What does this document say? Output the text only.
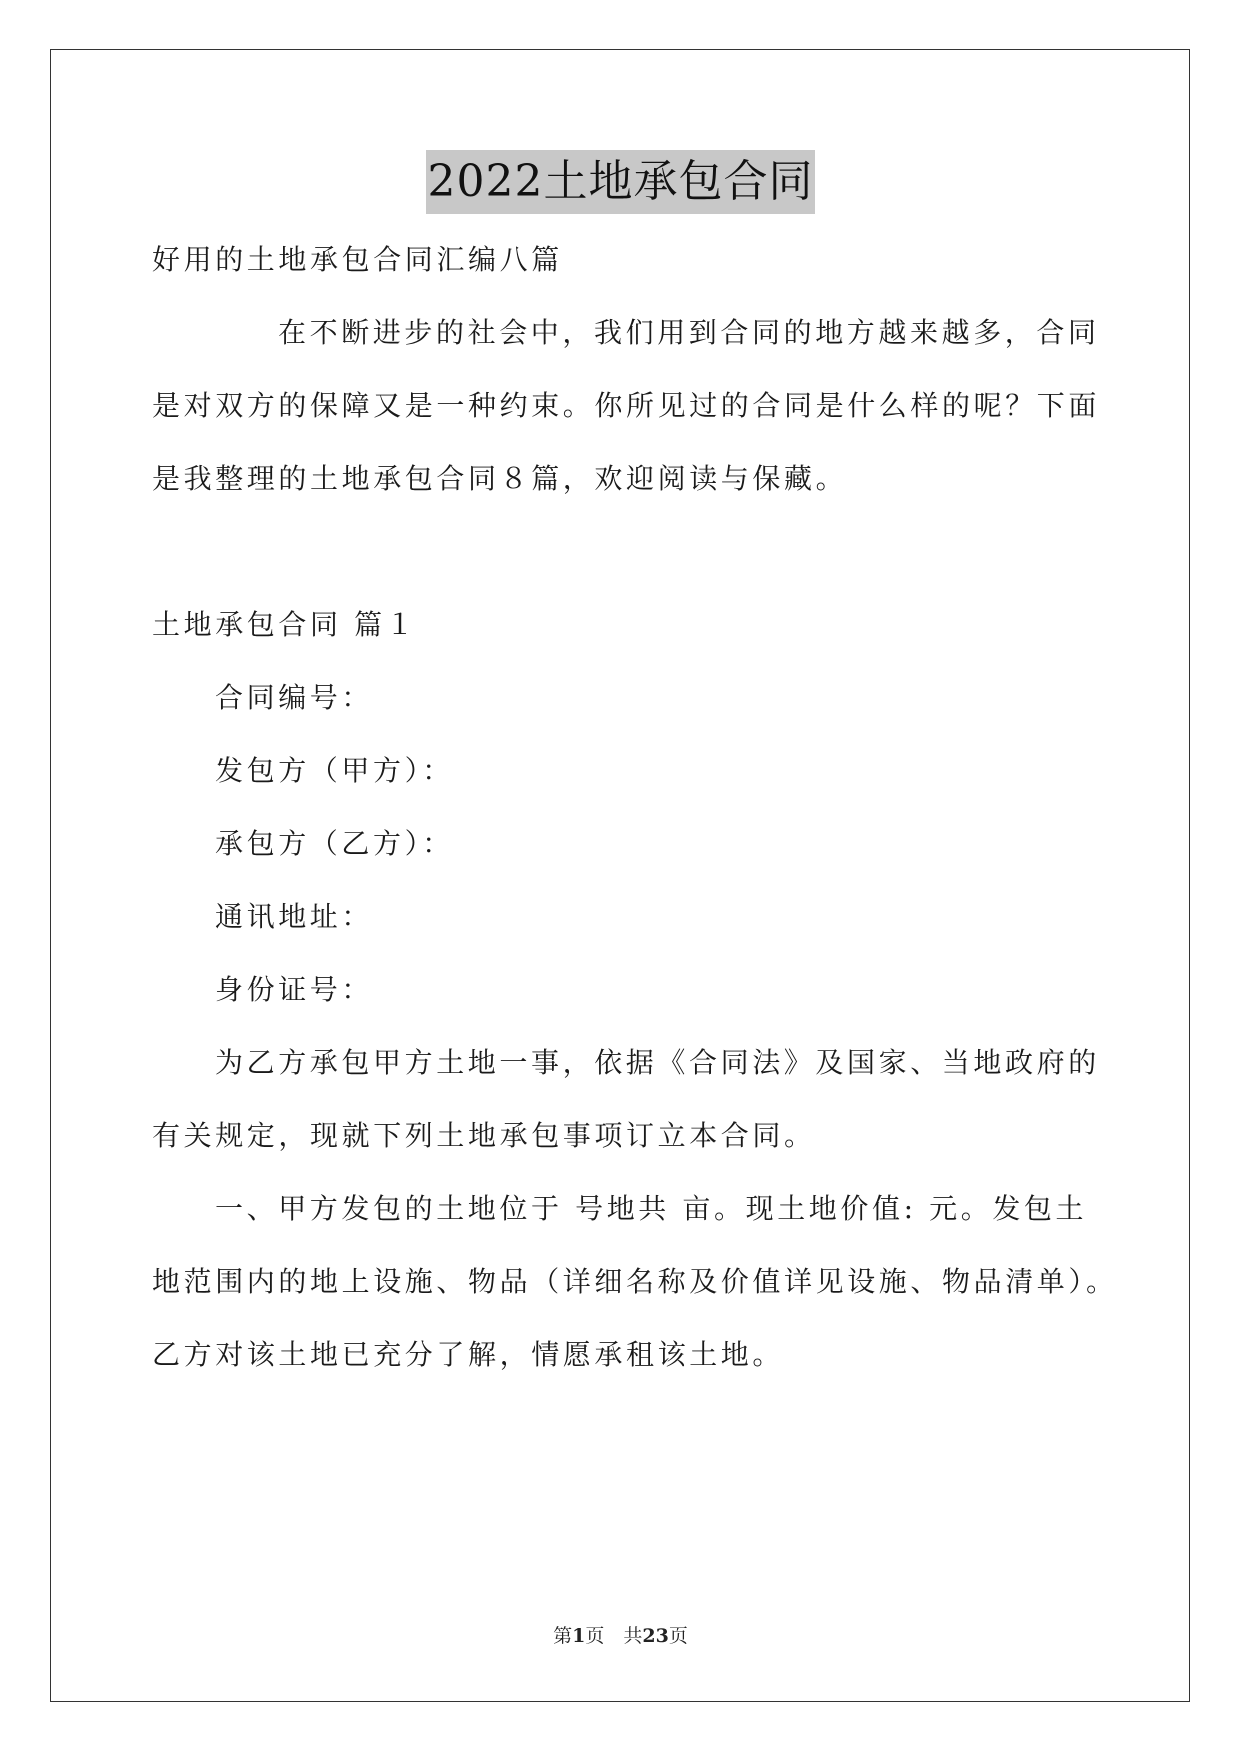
2022土地承包合同
好用的土地承包合同汇编八篇
在不断进步的社会中，我们用到合同的地方越来越多，合同
是对双方的保障又是一种约束。你所见过的合同是什么样的呢？下面
是我整理的土地承包合同８篇，欢迎阅读与保藏。
土地承包合同 篇１
合同编号：
发包方（甲方）：
承包方（乙方）：
通讯地址：
身份证号：
为乙方承包甲方土地一事，依据《合同法》及国家、当地政府的
有关规定，现就下列土地承包事项订立本合同。
一、甲方发包的土地位于 号地共 亩。现土地价值: 元。发包土
地范围内的地上设施、物品（详细名称及价值详见设施、物品清单）。
乙方对该土地已充分了解，情愿承租该土地。
第1页　共23页
